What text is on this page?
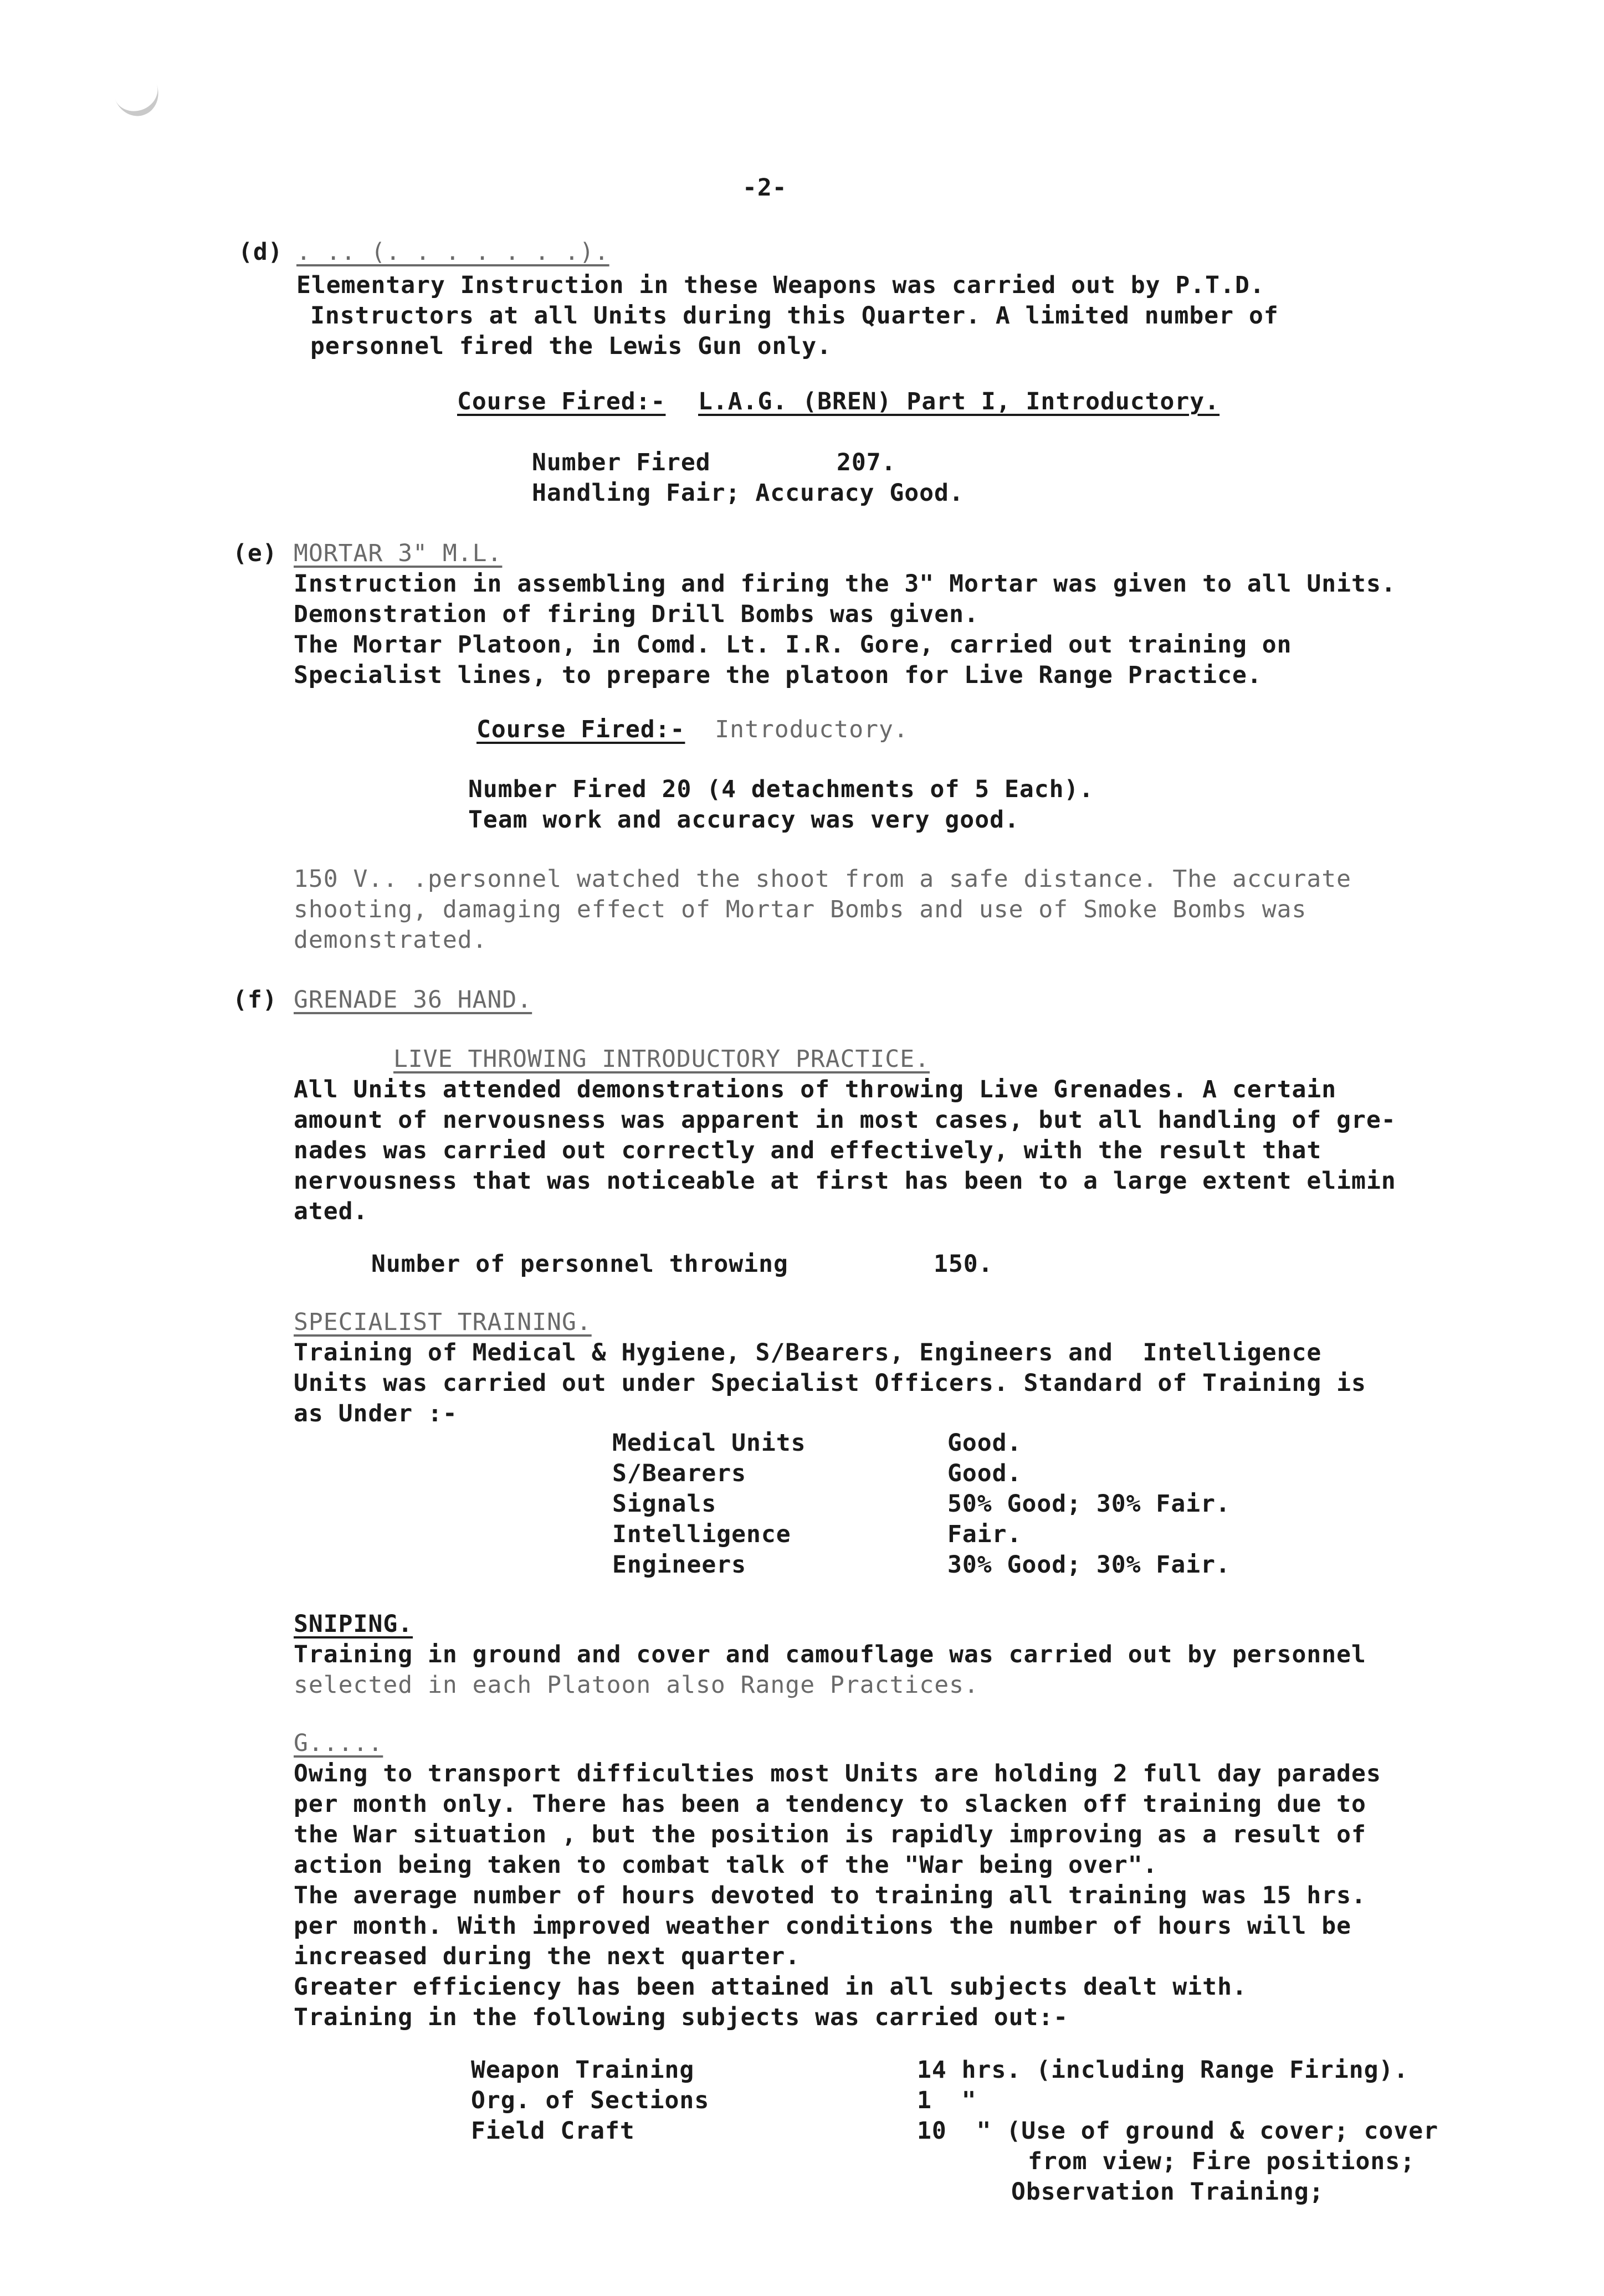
-2-
(d) . .. (. . . . . . .).
Elementary Instruction in these Weapons was carried out by P.T.D.
Instructors at all Units during this Quarter. A limited number of
personnel fired the Lewis Gun only.
Course Fired:- L.A.G. (BREN) Part I, Introductory.
Number Fired	207.
Handling Fair; Accuracy Good.
(e) MORTAR 3" M.L.
Instruction in assembling and firing the 3" Mortar was given to all Units.
Demonstration of firing Drill Bombs was given.
The Mortar Platoon, in Comd. Lt. I.R. Gore, carried out training on
Specialist lines, to prepare the platoon for Live Range Practice.
Course Fired:- Introductory.
Number Fired 20 (4 detachments of 5 Each).
Team work and accuracy was very good.
150 V.. .personnel watched the shoot from a safe distance. The accurate
shooting, damaging effect of Mortar Bombs and use of Smoke Bombs was
demonstrated.
(f) GRENADE 36 HAND.
LIVE THROWING INTRODUCTORY PRACTICE.
All Units attended demonstrations of throwing Live Grenades. A certain
amount of nervousness was apparent in most cases, but all handling of gre-
nades was carried out correctly and effectively, with the result that
nervousness that was noticeable at first has been to a large extent elimin
ated.
Number of personnel throwing	150.
SPECIALIST TRAINING.
Training of Medical & Hygiene, S/Bearers, Engineers and  Intelligence
Units was carried out under Specialist Officers. Standard of Training is
as Under :-
Medical Units	Good.
S/Bearers	Good.
Signals	50% Good; 30% Fair.
Intelligence	Fair.
Engineers	30% Good; 30% Fair.
SNIPING.
Training in ground and cover and camouflage was carried out by personnel
selected in each Platoon also Range Practices.
G.....
Owing to transport difficulties most Units are holding 2 full day parades
per month only. There has been a tendency to slacken off training due to
the War situation , but the position is rapidly improving as a result of
action being taken to combat talk of the "War being over".
The average number of hours devoted to training all training was 15 hrs.
per month. With improved weather conditions the number of hours will be
increased during the next quarter.
Greater efficiency has been attained in all subjects dealt with.
Training in the following subjects was carried out:-
Weapon Training	14 hrs. (including Range Firing).
Org. of Sections	1  "
Field Craft	10  " (Use of ground & cover; cover
from view; Fire positions;
Observation Training;
